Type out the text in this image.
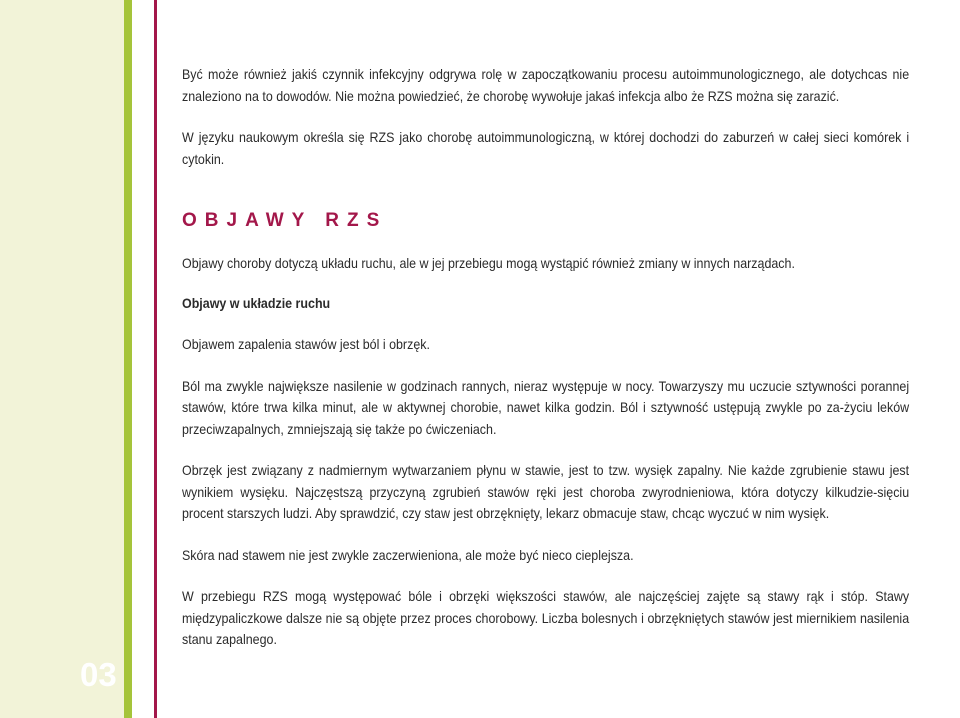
03

Być może również jakiś czynnik infekcyjny odgrywa rolę w zapoczątkowaniu procesu autoimmunologicznego, ale dotychcas nie znaleziono na to dowodów. Nie można powiedzieć, że chorobę wywołuje jakaś infekcja albo że RZS można się zarazić.

W języku naukowym określa się RZS jako chorobę autoimmunologiczną, w której dochodzi do zaburzeń w całej sieci komórek i cytokin.

OBJAWY RZS

Objawy choroby dotyczą układu ruchu, ale w jej przebiegu mogą wystąpić również zmiany w innych narządach.

Objawy w układzie ruchu

Objawem zapalenia stawów jest ból i obrzęk.

Ból ma zwykle największe nasilenie w godzinach rannych, nieraz występuje w nocy. Towarzyszy mu uczucie sztywności porannej stawów, które trwa kilka minut, ale w aktywnej chorobie, nawet kilka godzin. Ból i sztywność ustępują zwykle po za-życiu leków przeciwzapalnych, zmniejszają się także po ćwiczeniach.

Obrzęk jest związany z nadmiernym wytwarzaniem płynu w stawie, jest to tzw. wysięk zapalny. Nie każde zgrubienie stawu jest wynikiem wysięku. Najczęstszą przyczyną zgrubień stawów ręki jest choroba zwyrodnieniowa, która dotyczy kilkudzie-sięciu procent starszych ludzi. Aby sprawdzić, czy staw jest obrzęknięty, lekarz obmacuje staw, chcąc wyczuć w nim wysięk.

Skóra nad stawem nie jest zwykle zaczerwieniona, ale może być nieco cieplejsza.

W przebiegu RZS mogą występować bóle i obrzęki większości stawów, ale najczęściej zajęte są stawy rąk i stóp. Stawy międzypaliczkowe dalsze nie są objęte przez proces chorobowy. Liczba bolesnych i obrzękniętych stawów jest miernikiem nasilenia stanu zapalnego.
